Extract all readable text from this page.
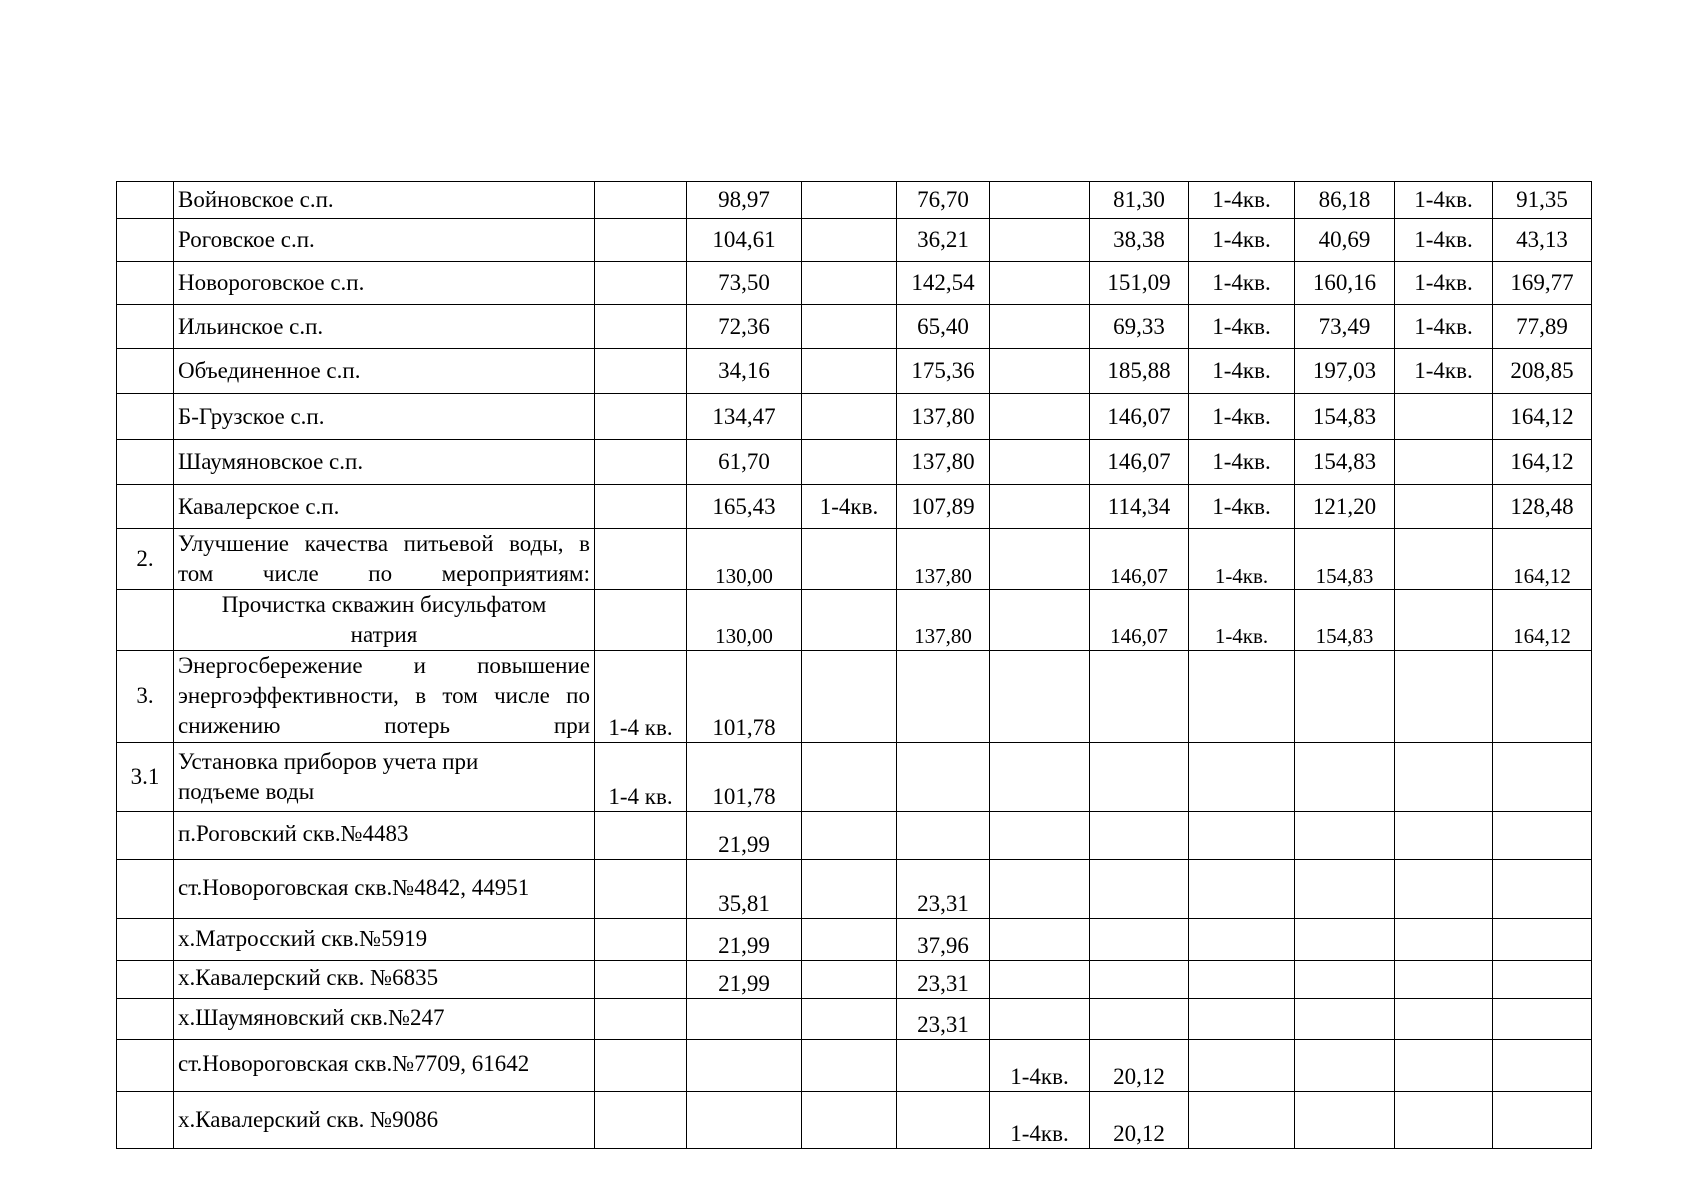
	Войновское с.п.		98,97		76,70		81,30	1-4кв.	86,18	1-4кв.	91,35
	Роговское с.п.		104,61		36,21		38,38	1-4кв.	40,69	1-4кв.	43,13
	Новороговское с.п.		73,50		142,54		151,09	1-4кв.	160,16	1-4кв.	169,77
	Ильинское с.п.		72,36		65,40		69,33	1-4кв.	73,49	1-4кв.	77,89
	Объединенное с.п.		34,16		175,36		185,88	1-4кв.	197,03	1-4кв.	208,85
	Б-Грузское с.п.		134,47		137,80		146,07	1-4кв.	154,83		164,12
	Шаумяновское с.п.		61,70		137,80		146,07	1-4кв.	154,83		164,12
	Кавалерское с.п.		165,43	1-4кв.	107,89		114,34	1-4кв.	121,20		128,48
2.	Улучшение качества питьевой воды, в том числе по мероприятиям:		130,00		137,80		146,07	1-4кв.	154,83		164,12
	Прочистка скважин бисульфатом натрия		130,00		137,80		146,07	1-4кв.	154,83		164,12
3.	Энергосбережение и повышение энергоэффективности, в том числе по снижению потерь при	1-4 кв.	101,78								
3.1	Установка приборов учета при подъеме воды	1-4 кв.	101,78								
	п.Роговский скв.№4483		21,99								
	ст.Новороговская скв.№4842, 44951		35,81		23,31						
	х.Матросский скв.№5919		21,99		37,96						
	х.Кавалерский скв. №6835		21,99		23,31						
	х.Шаумяновский скв.№247				23,31						
	ст.Новороговская скв.№7709, 61642					1-4кв.	20,12				
	х.Кавалерский скв. №9086					1-4кв.	20,12				
